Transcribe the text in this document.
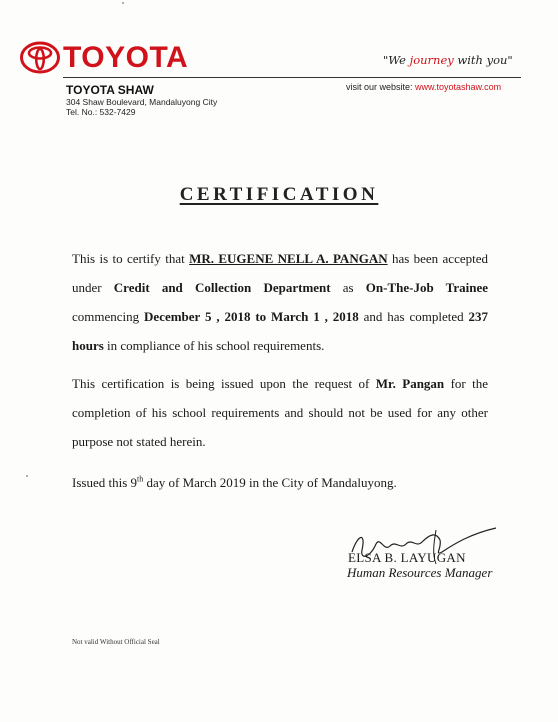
TOYOTA	"We journey with you"
TOYOTA SHAW
304 Shaw Boulevard, Mandaluyong City
Tel. No.: 532-7429
visit our website: www.toyotashaw.com
CERTIFICATION
This is to certify that MR. EUGENE NELL A. PANGAN has been accepted under Credit and Collection Department as On-The-Job Trainee commencing December 5 , 2018 to March 1 , 2018 and has completed 237 hours in compliance of his school requirements.
This certification is being issued upon the request of Mr. Pangan for the completion of his school requirements and should not be used for any other purpose not stated herein.
Issued this 9th day of March 2019 in the City of Mandaluyong.
ELSA B. LAYUGAN
Human Resources Manager
Not valid Without Official Seal
